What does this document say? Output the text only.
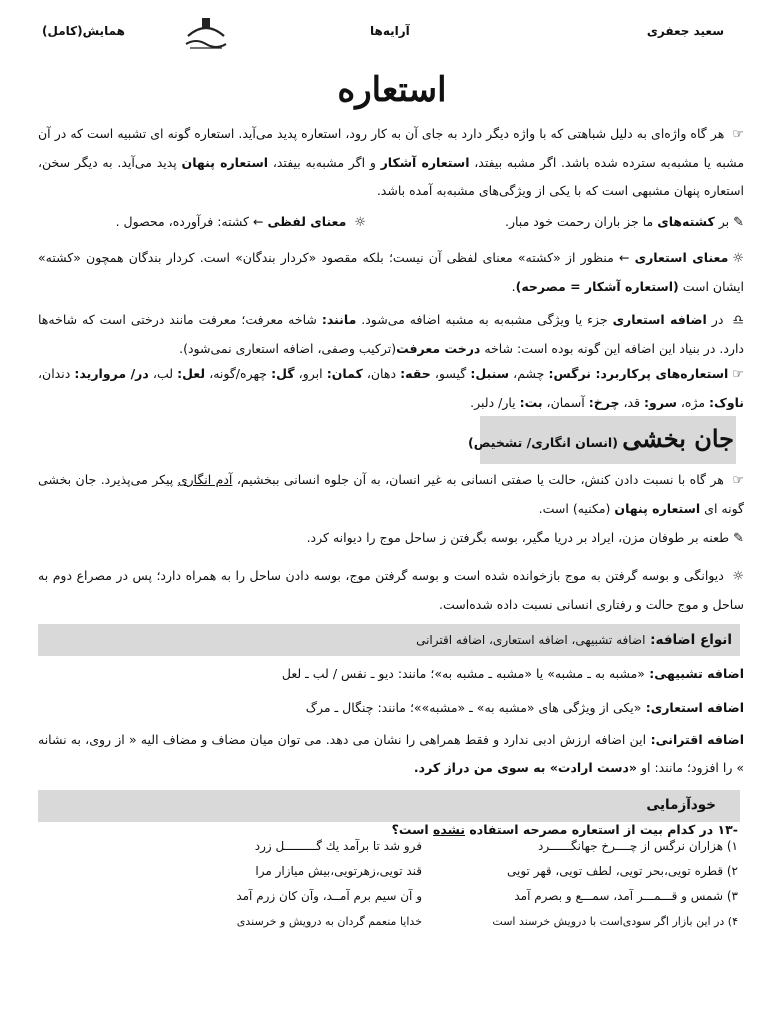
سعید جعفری
آرایه‌ها
همایش(کامل)
استعاره
☞ هر گاه واژه‌ای به دلیل شباهتی که با واژه دیگر دارد به جای آن به کار رود، استعاره پدید می‌آید. استعاره گونه ای تشبیه است که در آن مشبه یا مشبه‌به سترده شده باشد. اگر مشبه بیفتد، استعاره آشکار و اگر مشبه‌به بیفتد، استعاره پنهان پدید می‌آید. به دیگر سخن، استعاره پنهان مشبهی است که با یکی از ویژگی‌های مشبه‌به آمده باشد.
✎بر کشته‌های ما جز باران رحمت خود مبار.
☼ معنای لفظی ← کشته: فرآورده، محصول .
☼معنای استعاری ← منظور از «کشته» معنای لفظی آن نیست؛ بلکه مقصود «کردار بندگان» است. کردار بندگان همچون «کشته» ایشان است (استعاره آشکار = مصرحه).
♎ در اضافه استعاری جزء یا ویژگی مشبه‌به به مشبه اضافه می‌شود. مانند: شاخه معرفت؛ معرفت مانند درختی است که شاخه‌ها دارد. در بنیاد این اضافه این گونه بوده است: شاخه درخت معرفت(ترکیب وصفی، اضافه استعاری نمی‌شود).
☞استعاره‌های پرکاربرد: نرگس: چشم، سنبل: گیسو، حقه: دهان، کمان: ابرو، گل: چهره/گونه، لعل: لب، در/ مروارید: دندان، ناوک: مژه، سرو: قد، چرخ: آسمان، بت: یار/ دلبر.
جان بخشی (انسان انگاری/ تشخیص)
☞ هر گاه با نسبت دادن کنش، حالت یا صفتی انسانی به غیر انسان، به آن جلوه انسانی ببخشیم، آدم انگاری پیکر می‌پذیرد. جان بخشی گونه ای استعاره پنهان (مکنیه) است.
✎طعنه بر طوفان مزن، ایراد بر دریا مگیر، بوسه بگرفتن ز ساحل موج را دیوانه کرد.
☼ دیوانگی و بوسه گرفتن به موج بازخوانده شده است و بوسه گرفتن موج، بوسه دادن ساحل را به همراه دارد؛ پس در مصراع دوم به ساحل و موج حالت و رفتاری انسانی نسبت داده شده‌است.
انواع اضافه: اضافه تشبیهی، اضافه استعاری، اضافه اقترانی
اضافه تشبیهی: «مشبه به ـ مشبه» یا «مشبه ـ مشبه به»؛ مانند: دیو ـ نفس / لب ـ لعل
اضافه استعاری: «یکی از ویژگی های «مشبه به» ـ «مشبه»»؛ مانند: چنگال ـ مرگ
اضافه اقترانی: این اضافه ارزش ادبی ندارد و فقط همراهی را نشان می دهد. می توان میان مضاف و مضاف الیه « از روی، به نشانه » را افزود؛ مانند: او «دست ارادت» به سوی من دراز کرد.
خودآزمایی
-۱۳ در کدام بیت از استعاره مصرحه استفاده نشده است؟
۱) هزاران نرگس از چــــرخ جهانگــــــرد
۲) قطره تویی،بحر تویی، لطف تویی، قهر تویی
۳) شمس و قـــمـــر آمد، سمـــع و بصرم آمد
۴) در این بازار اگر سودی‌است با درویش خرسند است
فرو شد تا برآمد یك گـــــــــل زرد
قند تویی،زهرتویی،بیش میازار مرا
و آن سیم برم آمــد، وآن کان زرم آمد
خدایا منعمم گردان به درویش و خرسندی
